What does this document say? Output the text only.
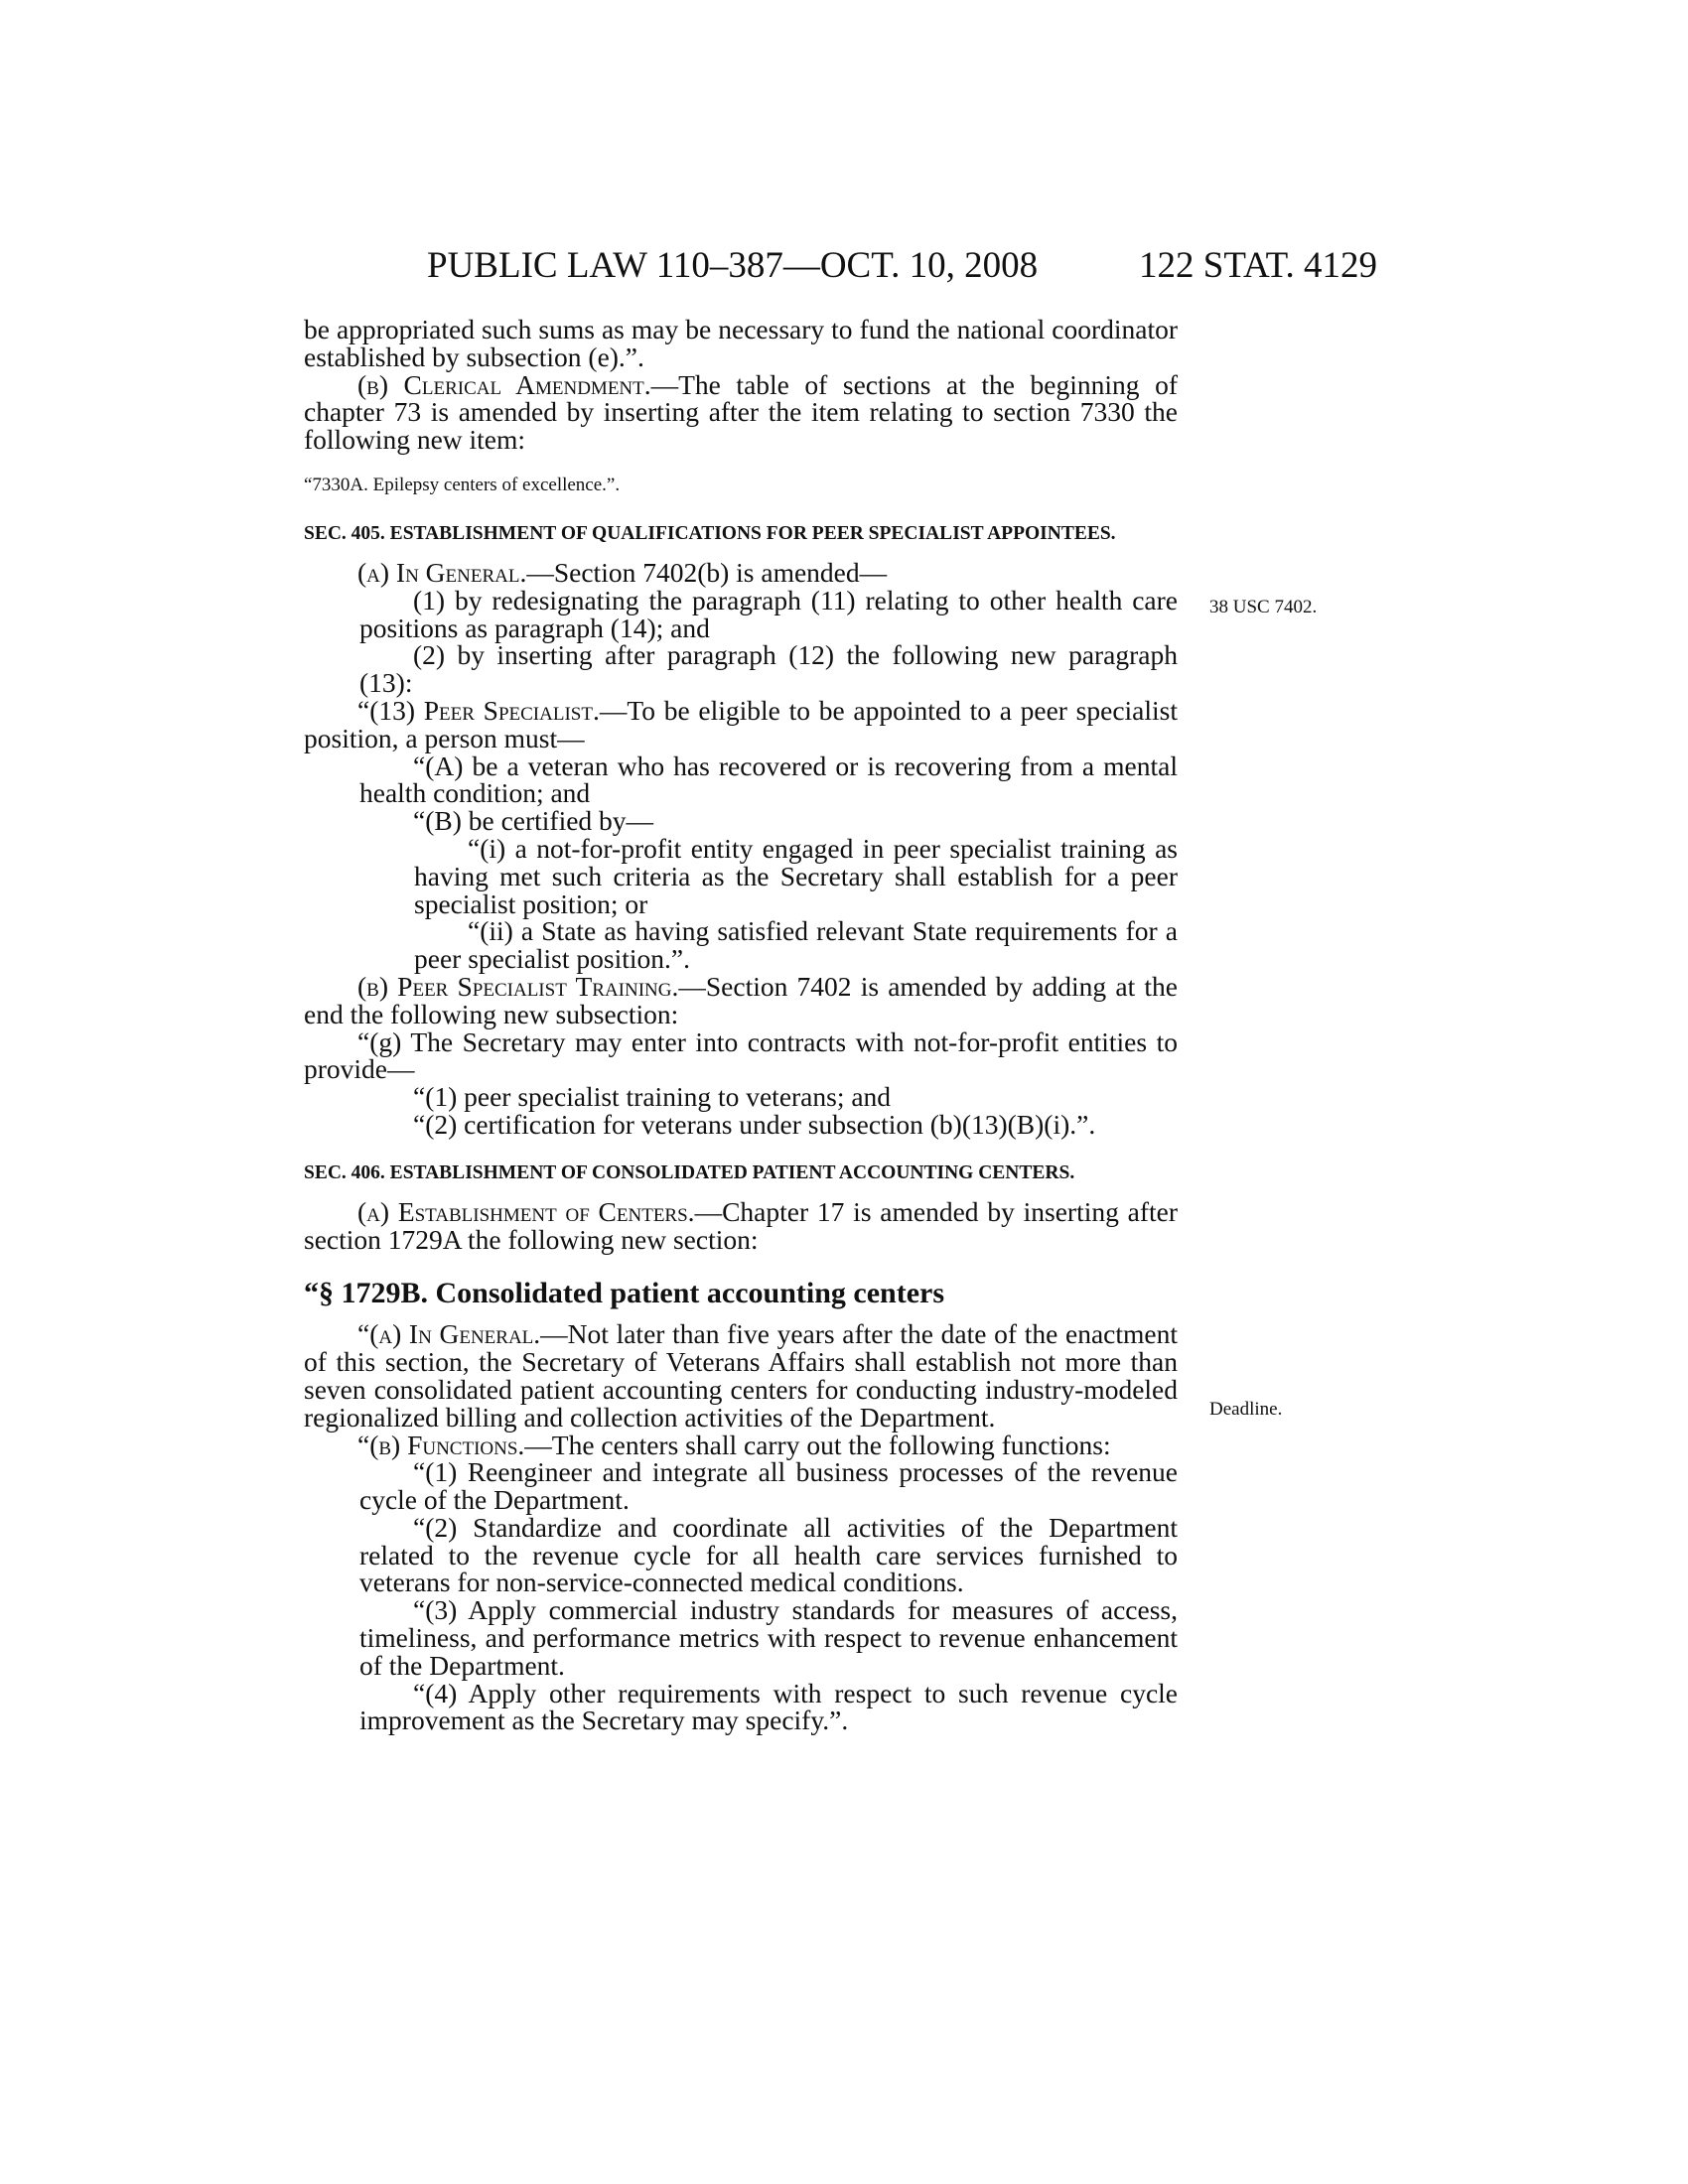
PUBLIC LAW 110–387—OCT. 10, 2008	122 STAT. 4129
38 USC 7402.
Deadline.

be appropriated such sums as may be necessary to fund the national coordinator established by subsection (e).”.

(b) Clerical Amendment.—The table of sections at the beginning of chapter 73 is amended by inserting after the item relating to section 7330 the following new item:

“7330A. Epilepsy centers of excellence.”.

SEC. 405. ESTABLISHMENT OF QUALIFICATIONS FOR PEER SPECIALIST APPOINTEES.

(a) In General.—Section 7402(b) is amended—

(1) by redesignating the paragraph (11) relating to other health care positions as paragraph (14); and

(2) by inserting after paragraph (12) the following new paragraph (13):

“(13) Peer Specialist.—To be eligible to be appointed to a peer specialist position, a person must—

“(A) be a veteran who has recovered or is recovering from a mental health condition; and

“(B) be certified by—

“(i) a not-for-profit entity engaged in peer specialist training as having met such criteria as the Secretary shall establish for a peer specialist position; or

“(ii) a State as having satisfied relevant State requirements for a peer specialist position.”.

(b) Peer Specialist Training.—Section 7402 is amended by adding at the end the following new subsection:

“(g) The Secretary may enter into contracts with not-for-profit entities to provide—

“(1) peer specialist training to veterans; and

“(2) certification for veterans under subsection (b)(13)(B)(i).”.

SEC. 406. ESTABLISHMENT OF CONSOLIDATED PATIENT ACCOUNTING CENTERS.

(a) Establishment of Centers.—Chapter 17 is amended by inserting after section 1729A the following new section:

“§ 1729B. Consolidated patient accounting centers

“(a) In General.—Not later than five years after the date of the enactment of this section, the Secretary of Veterans Affairs shall establish not more than seven consolidated patient accounting centers for conducting industry-modeled regionalized billing and collection activities of the Department.

“(b) Functions.—The centers shall carry out the following functions:

“(1) Reengineer and integrate all business processes of the revenue cycle of the Department.

“(2) Standardize and coordinate all activities of the Department related to the revenue cycle for all health care services furnished to veterans for non-service-connected medical conditions.

“(3) Apply commercial industry standards for measures of access, timeliness, and performance metrics with respect to revenue enhancement of the Department.

“(4) Apply other requirements with respect to such revenue cycle improvement as the Secretary may specify.”.
